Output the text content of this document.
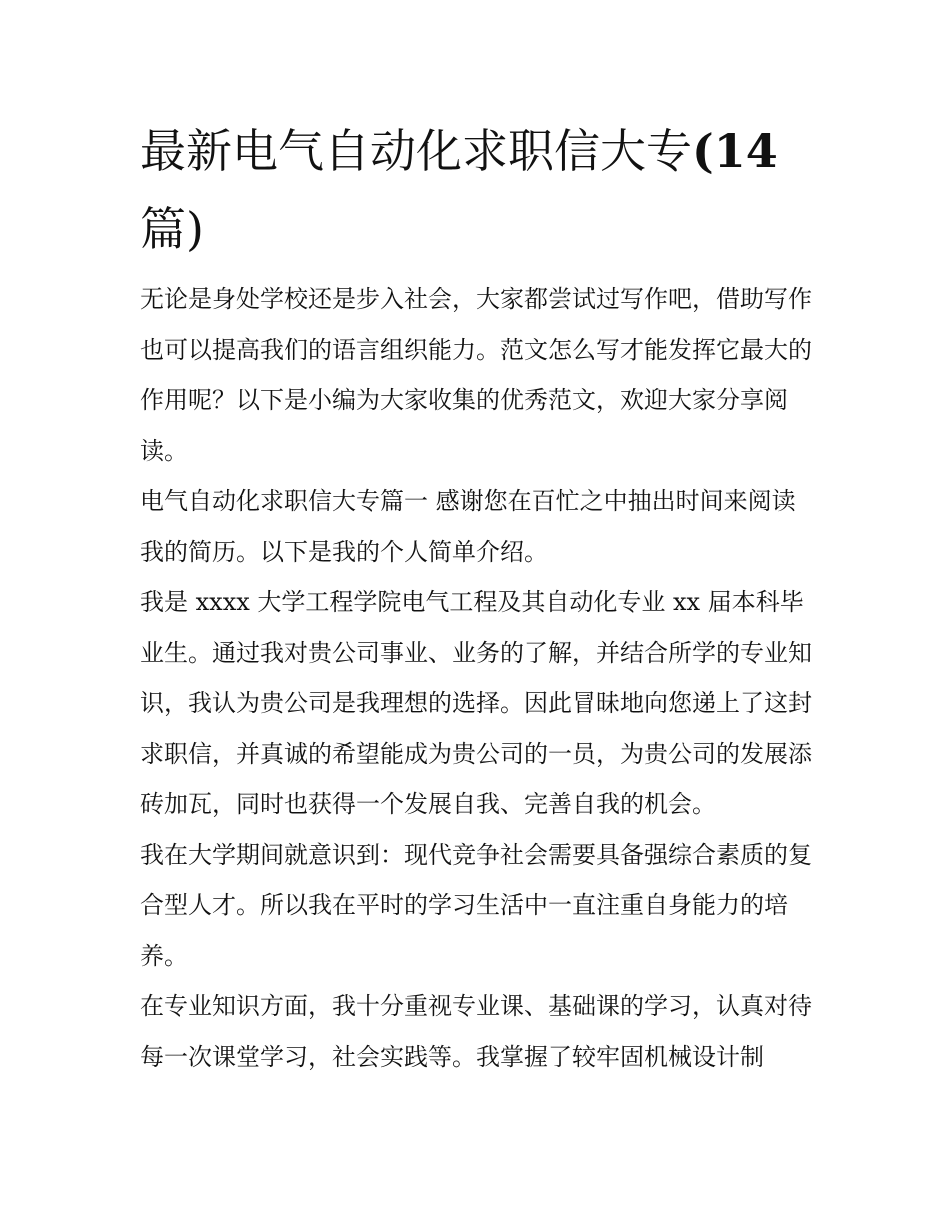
最新电气自动化求职信大专(14
篇)

无论是身处学校还是步入社会，大家都尝试过写作吧，借助写作也可以提高我们的语言组织能力。范文怎么写才能发挥它最大的作用呢？以下是小编为大家收集的优秀范文，欢迎大家分享阅读。

电气自动化求职信大专篇一 感谢您在百忙之中抽出时间来阅读我的简历。以下是我的个人简单介绍。

我是 xxxx 大学工程学院电气工程及其自动化专业 xx 届本科毕业生。通过我对贵公司事业、业务的了解，并结合所学的专业知识，我认为贵公司是我理想的选择。因此冒昧地向您递上了这封求职信，并真诚的希望能成为贵公司的一员，为贵公司的发展添砖加瓦，同时也获得一个发展自我、完善自我的机会。

我在大学期间就意识到：现代竞争社会需要具备强综合素质的复合型人才。所以我在平时的学习生活中一直注重自身能力的培养。

在专业知识方面，我十分重视专业课、基础课的学习，认真对待每一次课堂学习，社会实践等。我掌握了较牢固机械设计制
